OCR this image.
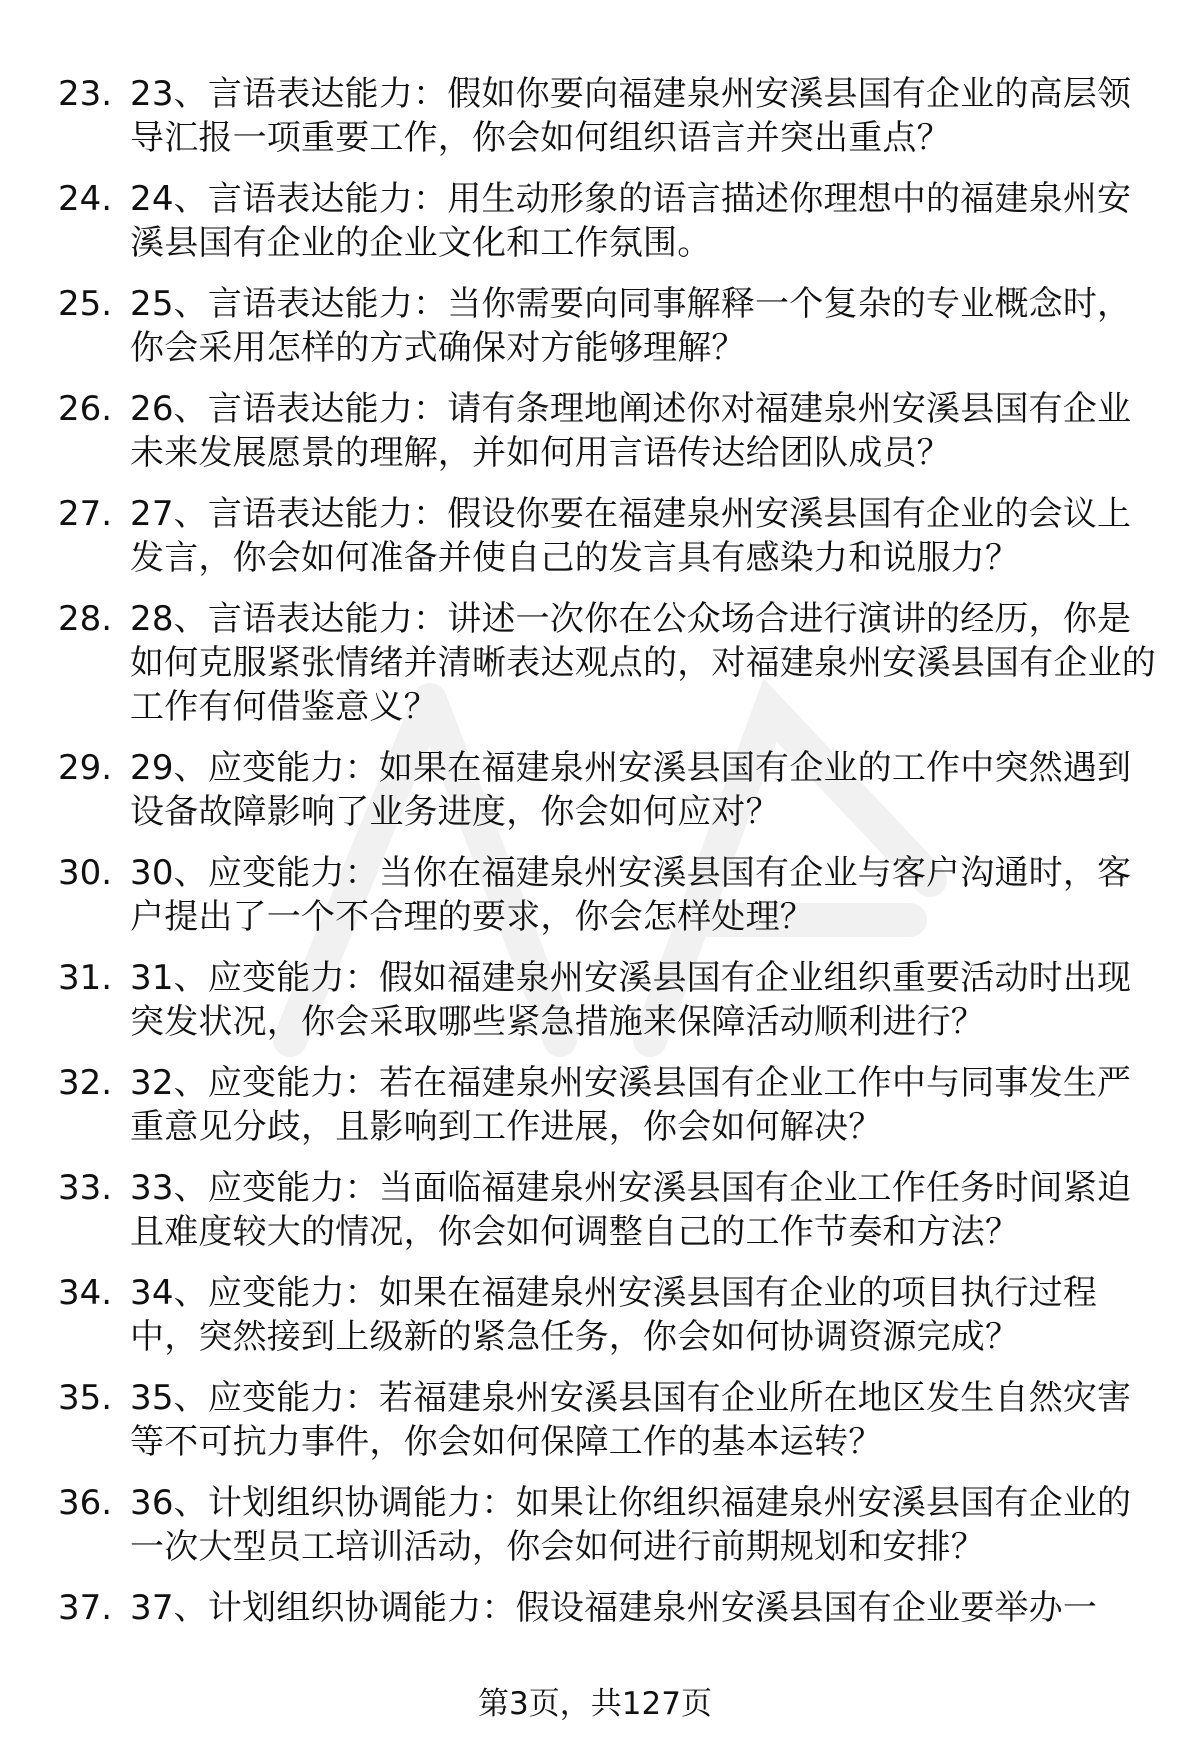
23. 23、言语表达能力：假如你要向福建泉州安溪县国有企业的高层领导汇报一项重要工作，你会如何组织语言并突出重点？
24. 24、言语表达能力：用生动形象的语言描述你理想中的福建泉州安溪县国有企业的企业文化和工作氛围。
25. 25、言语表达能力：当你需要向同事解释一个复杂的专业概念时，你会采用怎样的方式确保对方能够理解？
26. 26、言语表达能力：请有条理地阐述你对福建泉州安溪县国有企业未来发展愿景的理解，并如何用言语传达给团队成员？
27. 27、言语表达能力：假设你要在福建泉州安溪县国有企业的会议上发言，你会如何准备并使自己的发言具有感染力和说服力？
28. 28、言语表达能力：讲述一次你在公众场合进行演讲的经历，你是如何克服紧张情绪并清晰表达观点的，对福建泉州安溪县国有企业的工作有何借鉴意义？
29. 29、应变能力：如果在福建泉州安溪县国有企业的工作中突然遇到设备故障影响了业务进度，你会如何应对？
30. 30、应变能力：当你在福建泉州安溪县国有企业与客户沟通时，客户提出了一个不合理的要求，你会怎样处理？
31. 31、应变能力：假如福建泉州安溪县国有企业组织重要活动时出现突发状况，你会采取哪些紧急措施来保障活动顺利进行？
32. 32、应变能力：若在福建泉州安溪县国有企业工作中与同事发生严重意见分歧，且影响到工作进展，你会如何解决？
33. 33、应变能力：当面临福建泉州安溪县国有企业工作任务时间紧迫且难度较大的情况，你会如何调整自己的工作节奏和方法？
34. 34、应变能力：如果在福建泉州安溪县国有企业的项目执行过程中，突然接到上级新的紧急任务，你会如何协调资源完成？
35. 35、应变能力：若福建泉州安溪县国有企业所在地区发生自然灾害等不可抗力事件，你会如何保障工作的基本运转？
36. 36、计划组织协调能力：如果让你组织福建泉州安溪县国有企业的一次大型员工培训活动，你会如何进行前期规划和安排？
37. 37、计划组织协调能力：假设福建泉州安溪县国有企业要举办一
第3页，共127页
